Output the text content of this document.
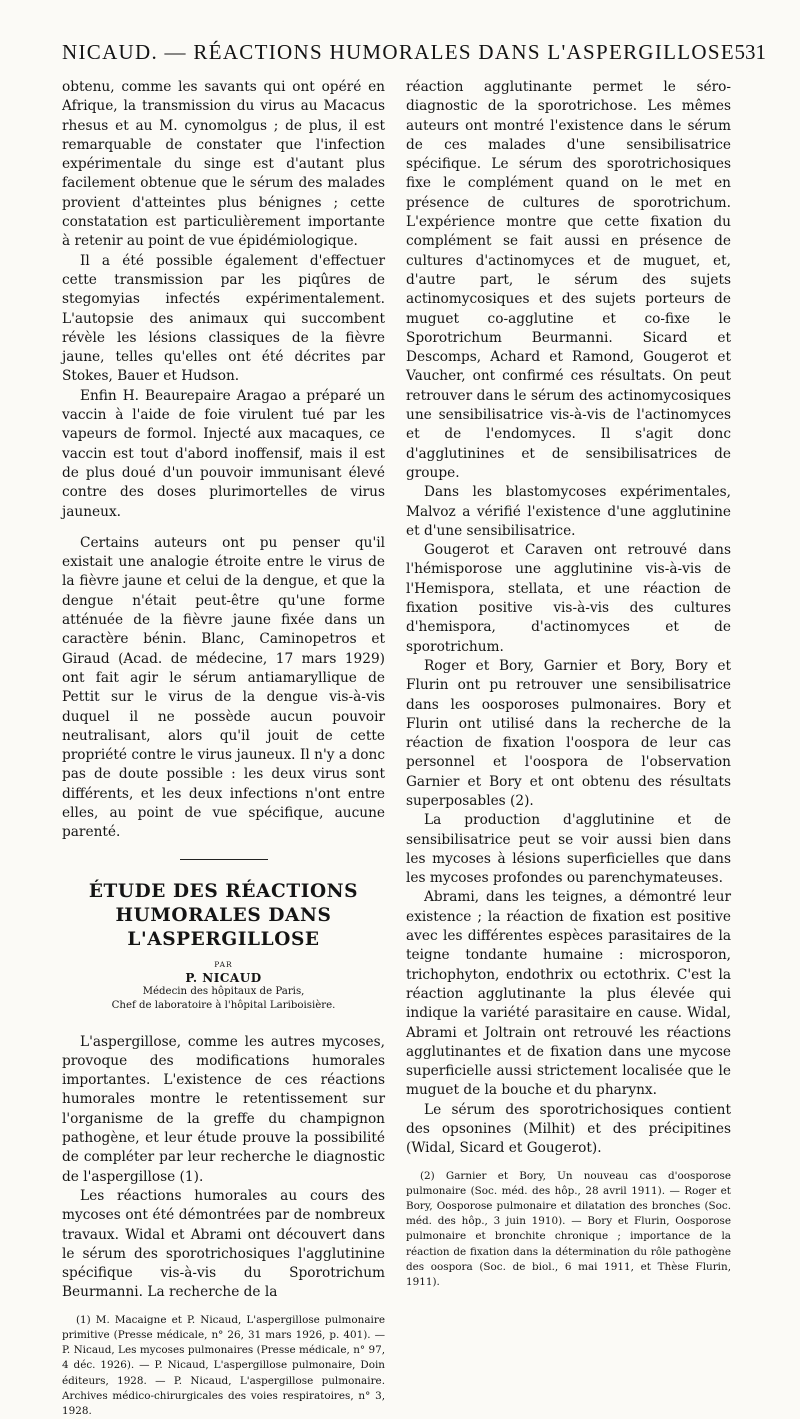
NICAUD. — RÉACTIONS HUMORALES DANS L'ASPERGILLOSE 531

obtenu, comme les savants qui ont opéré en Afrique, la transmission du virus au Macacus rhesus et au M. cynomolgus ; de plus, il est remarquable de constater que l'infection expérimentale du singe est d'autant plus facilement obtenue que le sérum des malades provient d'atteintes plus bénignes ; cette constatation est particulièrement importante à retenir au point de vue épidémiologique.

Il a été possible également d'effectuer cette transmission par les piqûres de stegomyias infectés expérimentalement. L'autopsie des animaux qui succombent révèle les lésions classiques de la fièvre jaune, telles qu'elles ont été décrites par Stokes, Bauer et Hudson.

Enfin H. Beaurepaire Aragao a préparé un vaccin à l'aide de foie virulent tué par les vapeurs de formol. Injecté aux macaques, ce vaccin est tout d'abord inoffensif, mais il est de plus doué d'un pouvoir immunisant élevé contre des doses plurimortelles de virus jauneux.

Certains auteurs ont pu penser qu'il existait une analogie étroite entre le virus de la fièvre jaune et celui de la dengue, et que la dengue n'était peut-être qu'une forme atténuée de la fièvre jaune fixée dans un caractère bénin. Blanc, Caminopetros et Giraud (Acad. de médecine, 17 mars 1929) ont fait agir le sérum antiamaryllique de Pettit sur le virus de la dengue vis-à-vis duquel il ne possède aucun pouvoir neutralisant, alors qu'il jouit de cette propriété contre le virus jauneux. Il n'y a donc pas de doute possible : les deux virus sont différents, et les deux infections n'ont entre elles, au point de vue spécifique, aucune parenté.

ÉTUDE DES RÉACTIONS

HUMORALES DANS

L'ASPERGILLOSE

PAR
P. NICAUD
Médecin des hôpitaux de Paris,
Chef de laboratoire à l'hôpital Lariboisière.

L'aspergillose, comme les autres mycoses, provoque des modifications humorales importantes. L'existence de ces réactions humorales montre le retentissement sur l'organisme de la greffe du champignon pathogène, et leur étude prouve la possibilité de compléter par leur recherche le diagnostic de l'aspergillose (1).

Les réactions humorales au cours des mycoses ont été démontrées par de nombreux travaux. Widal et Abrami ont découvert dans le sérum des sporotrichosiques l'agglutinine spécifique vis-à-vis du Sporotrichum Beurmanni. La recherche de la

(1) M. Macaigne et P. Nicaud, L'aspergillose pulmonaire primitive (Presse médicale, n° 26, 31 mars 1926, p. 401). — P. Nicaud, Les mycoses pulmonaires (Presse médicale, n° 97, 4 déc. 1926). — P. Nicaud, L'aspergillose pulmonaire, Doin éditeurs, 1928. — P. Nicaud, L'aspergillose pulmonaire. Archives médico-chirurgicales des voies respiratoires, n° 3, 1928.

réaction agglutinante permet le séro-diagnostic de la sporotrichose. Les mêmes auteurs ont montré l'existence dans le sérum de ces malades d'une sensibilisatrice spécifique. Le sérum des sporotrichosiques fixe le complément quand on le met en présence de cultures de sporotrichum. L'expérience montre que cette fixation du complément se fait aussi en présence de cultures d'actinomyces et de muguet, et, d'autre part, le sérum des sujets actinomycosiques et des sujets porteurs de muguet co-agglutine et co-fixe le Sporotrichum Beurmanni. Sicard et Descomps, Achard et Ramond, Gougerot et Vaucher, ont confirmé ces résultats. On peut retrouver dans le sérum des actinomycosiques une sensibilisatrice vis-à-vis de l'actinomyces et de l'endomyces. Il s'agit donc d'agglutinines et de sensibilisatrices de groupe.

Dans les blastomycoses expérimentales, Malvoz a vérifié l'existence d'une agglutinine et d'une sensibilisatrice.

Gougerot et Caraven ont retrouvé dans l'hémisporose une agglutinine vis-à-vis de l'Hemispora, stellata, et une réaction de fixation positive vis-à-vis des cultures d'hemispora, d'actinomyces et de sporotrichum.

Roger et Bory, Garnier et Bory, Bory et Flurin ont pu retrouver une sensibilisatrice dans les oosporoses pulmonaires. Bory et Flurin ont utilisé dans la recherche de la réaction de fixation l'oospora de leur cas personnel et l'oospora de l'observation Garnier et Bory et ont obtenu des résultats superposables (2).

La production d'agglutinine et de sensibilisatrice peut se voir aussi bien dans les mycoses à lésions superficielles que dans les mycoses profondes ou parenchymateuses.

Abrami, dans les teignes, a démontré leur existence ; la réaction de fixation est positive avec les différentes espèces parasitaires de la teigne tondante humaine : microsporon, trichophyton, endothrix ou ectothrix. C'est la réaction agglutinante la plus élevée qui indique la variété parasitaire en cause. Widal, Abrami et Joltrain ont retrouvé les réactions agglutinantes et de fixation dans une mycose superficielle aussi strictement localisée que le muguet de la bouche et du pharynx.

Le sérum des sporotrichosiques contient des opsonines (Milhit) et des précipitines (Widal, Sicard et Gougerot).

(2) Garnier et Bory, Un nouveau cas d'oosporose pulmonaire (Soc. méd. des hôp., 28 avril 1911). — Roger et Bory, Oosporose pulmonaire et dilatation des bronches (Soc. méd. des hôp., 3 juin 1910). — Bory et Flurin, Oosporose pulmonaire et bronchite chronique ; importance de la réaction de fixation dans la détermination du rôle pathogène des oospora (Soc. de biol., 6 mai 1911, et Thèse Flurin, 1911).
